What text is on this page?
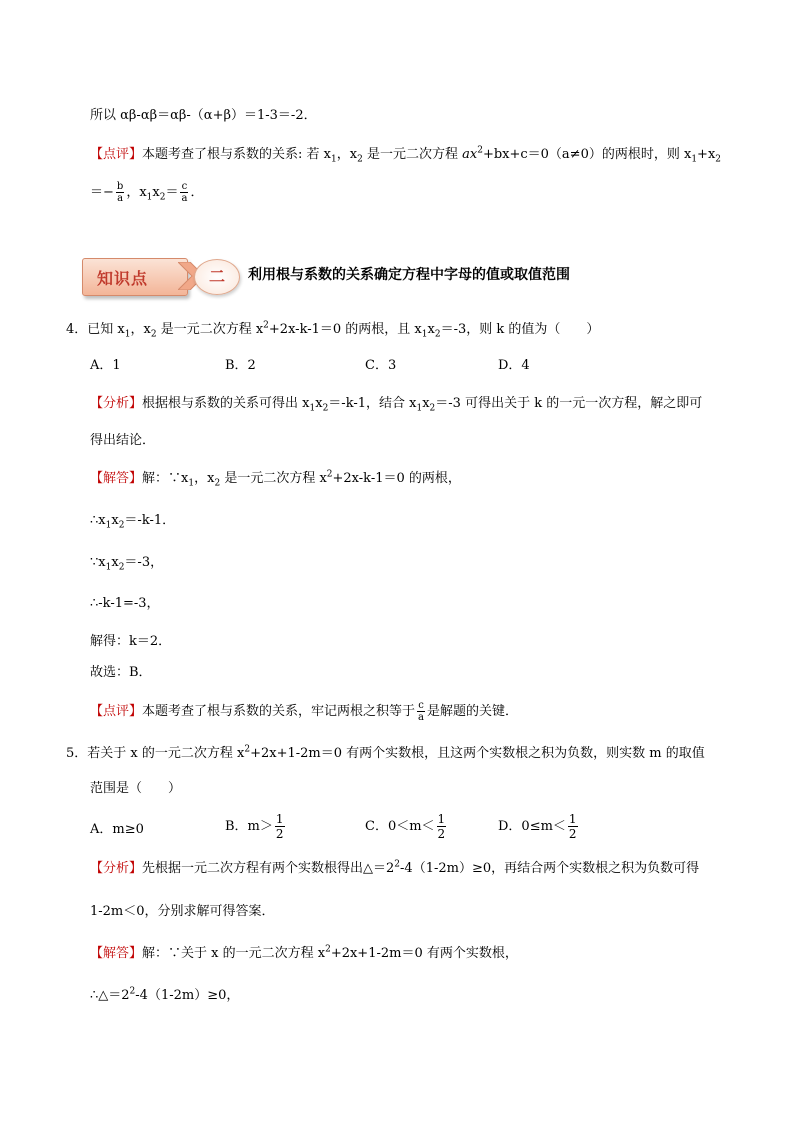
所以 αβ-αβ＝αβ-（α+β）＝1-3＝-2．
【点评】本题考查了根与系数的关系: 若 $x_1$，$x_2$ 是一元二次方程 $ax^2+bx+c=0(a\ne 0)$的两根时，则 $x_1+x_2$
＝− $\frac{b}{a}$ ，$x_1x_2= \frac{c}{a}$ ．
知识点	二	利用根与系数的关系确定方程中字母的值或取值范围
4．已知 $x_1$，$x_2$ 是一元二次方程 $x^2+2x-k-1=0$ 的两根，且 $x_1x_2=-3$，则 k 的值为（　　）
A．1	B．2	C．3	D．4
【分析】根据根与系数的关系可得出 $x_1x_2=-k-1$，结合 $x_1x_2=-3$ 可得出关于 k 的一元一次方程，解之即可
得出结论．
【解答】解：$\because x_1$，$x_2$ 是一元二次方程 $x^2+2x-k-1=0$ 的两根，
$\therefore x_1x_2=-k-1$．
$\because x_1x_2=-3$，
∴-k-1=-3，
解得：k＝2．
故选：B．
【点评】本题考查了根与系数的关系，牢记两根之积等于 $\frac{c}{a}$ 是解题的关键．
5．若关于 x 的一元二次方程 $x^2+2x+1-2m=0$ 有两个实数根，且这两个实数根之积为负数，则实数 m 的取值
范围是（　　）
A．m≥0	B．$m> \frac{1}{2}$	C．$0<m< \frac{1}{2}$	D．$0\le m< \frac{1}{2}$
【分析】先根据一元二次方程有两个实数根得出$\triangle=2^2-4(1-2m)\ge 0$，再结合两个实数根之积为负数可得
1-2m＜0，分别求解可得答案．
【解答】解：∵关于 x 的一元二次方程 $x^2+2x+1-2m=0$ 有两个实数根，
$\therefore\triangle=2^2-4(1-2m)\ge 0$，
